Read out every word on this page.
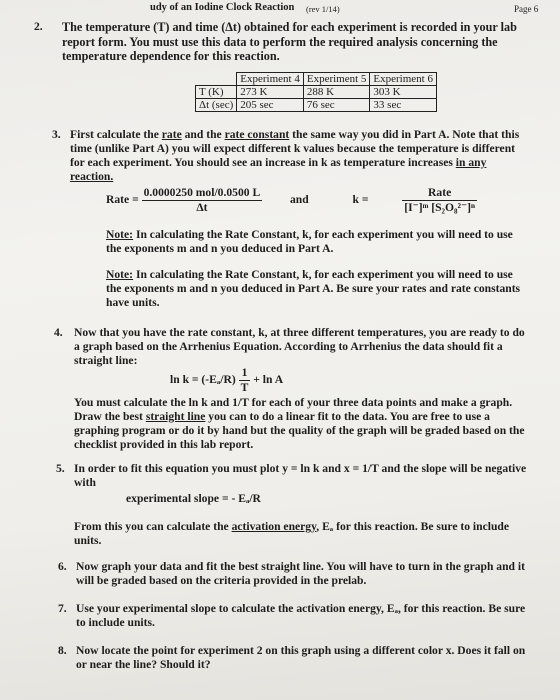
udy of an Iodine Clock Reaction (rev 1/14)	Page 6
2. The temperature (T) and time (Δt) obtained for each experiment is recorded in your lab report form. You must use this data to perform the required analysis concerning the temperature dependence for this reaction.
	Experiment 4	Experiment 5	Experiment 6
T (K)	273 K	288 K	303 K
Δt (sec)	205 sec	76 sec	33 sec
3. First calculate the rate and the rate constant the same way you did in Part A. Note that this time (unlike Part A) you will expect different k values because the temperature is different for each experiment. You should see an increase in k as temperature increases in any reaction.
Rate = $\frac{\text{0.0000250 mol/0.0500 L}}{\Delta t}$ and	k =	$\frac{\text{Rate}}{\text{[I⁻]ᵐ [S₂O₈²⁻]ⁿ}}$
Note: In calculating the Rate Constant, k, for each experiment you will need to use the exponents m and n you deduced in Part A.
Note: In calculating the Rate Constant, k, for each experiment you will need to use the exponents m and n you deduced in Part A. Be sure your rates and rate constants have units.
4. Now that you have the rate constant, k, at three different temperatures, you are ready to do a graph based on the Arrhenius Equation. According to Arrhenius the data should fit a straight line:
$\ln k = (-E_a/R) \frac{1}{T} + \ln A$
You must calculate the ln k and 1/T for each of your three data points and make a graph. Draw the best straight line you can to do a linear fit to the data. You are free to use a graphing program or do it by hand but the quality of the graph will be graded based on the checklist provided in this lab report.
5. In order to fit this equation you must plot y = ln k and x = 1/T and the slope will be negative with
experimental slope = - Eₐ/R
From this you can calculate the activation energy, Eₐ for this reaction. Be sure to include units.
6. Now graph your data and fit the best straight line. You will have to turn in the graph and it will be graded based on the criteria provided in the prelab.
7. Use your experimental slope to calculate the activation energy, Eₐ, for this reaction. Be sure to include units.
8. Now locate the point for experiment 2 on this graph using a different color x. Does it fall on or near the line? Should it?
